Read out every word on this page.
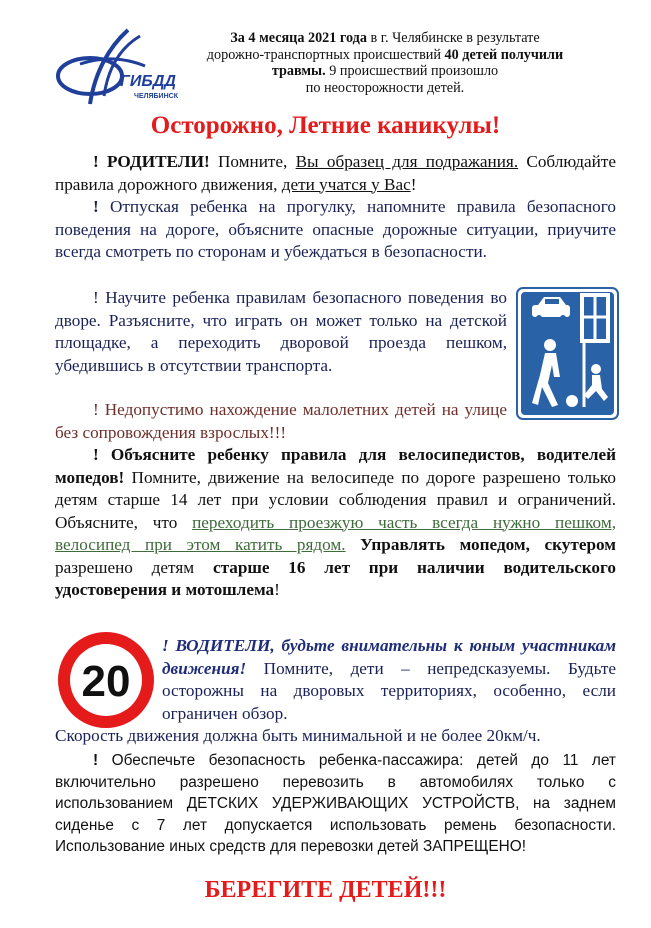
ГИБДД
ЧЕЛЯБИНСК
За 4 месяца 2021 года в г. Челябинске в результате
дорожно-транспортных происшествий 40 детей получили
травмы. 9 происшествий произошло
по неосторожности детей.
Осторожно, Летние каникулы!
! РОДИТЕЛИ! Помните, Вы образец для подражания. Соблюдайте правила дорожного движения, дети учатся у Вас!
! Отпуская ребенка на прогулку, напомните правила безопасного поведения на дороге, объясните опасные дорожные ситуации, приучите всегда смотреть по сторонам и убеждаться в безопасности.
! Научите ребенка правилам безопасного поведения во дворе. Разъясните, что играть он может только на детской площадке, а переходить дворовой проезда пешком, убедившись в отсутствии транспорта.
! Недопустимо нахождение малолетних детей на улице без сопровождения взрослых!!!
! Объясните ребенку правила для велосипедистов, водителей мопедов! Помните, движение на велосипеде по дороге разрешено только детям старше 14 лет при условии соблюдения правил и ограничений. Объясните, что переходить проезжую часть всегда нужно пешком, велосипед при этом катить рядом. Управлять мопедом, скутером разрешено детям старше 16 лет при наличии водительского удостоверения и мотошлема!
20
! ВОДИТЕЛИ, будьте внимательны к юным участникам движения! Помните, дети – непредсказуемы. Будьте осторожны на дворовых территориях, особенно, если ограничен обзор.
Скорость движения должна быть минимальной и не более 20км/ч.
! Обеспечьте безопасность ребенка-пассажира: детей до 11 лет включительно разрешено перевозить в автомобилях только с использованием ДЕТСКИХ УДЕРЖИВАЮЩИХ УСТРОЙСТВ, на заднем сиденье с 7 лет допускается использовать ремень безопасности. Использование иных средств для перевозки детей ЗАПРЕЩЕНО!
БЕРЕГИТЕ ДЕТЕЙ!!!
